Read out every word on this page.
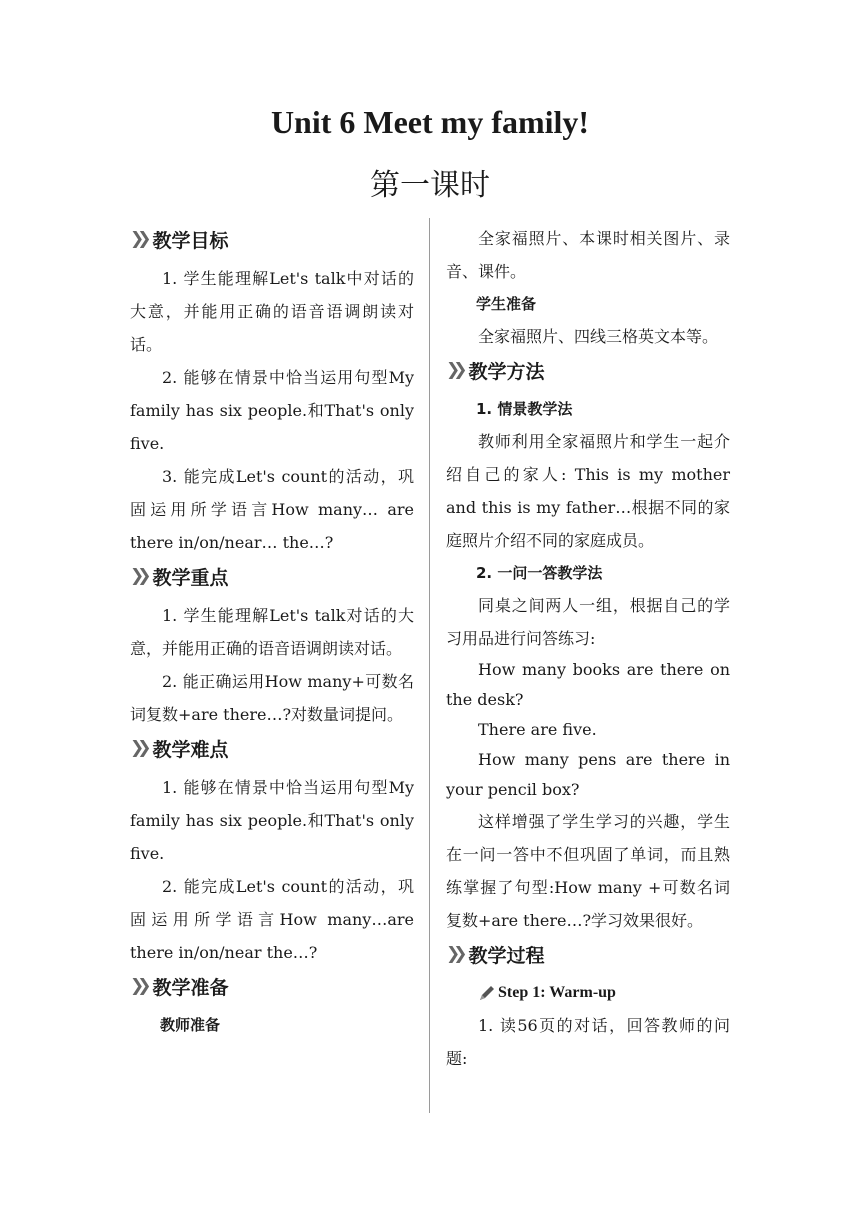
Unit 6 Meet my family!
第一课时
❯❯ 教学目标

1. 学生能理解Let's talk中对话的大意，并能用正确的语音语调朗读对话。

2. 能够在情景中恰当运用句型My family has six people.和That's only five.

3. 能完成Let's count的活动，巩固运用所学语言How many… are there in/on/near… the…?

❯❯ 教学重点

1. 学生能理解Let's talk对话的大意，并能用正确的语音语调朗读对话。

2. 能正确运用How many+可数名词复数+are there…?对数量词提问。

❯❯ 教学难点

1. 能够在情景中恰当运用句型My family has six people.和That's only five.

2. 能完成Let's count的活动，巩固运用所学语言How many…are there in/on/near the…?

❯❯ 教学准备

教师准备

全家福照片、本课时相关图片、录音、课件。

学生准备

全家福照片、四线三格英文本等。

❯❯ 教学方法

1. 情景教学法

教师利用全家福照片和学生一起介绍自己的家人: This is my mother and this is my father…根据不同的家庭照片介绍不同的家庭成员。

2. 一问一答教学法

同桌之间两人一组，根据自己的学习用品进行问答练习:

How many books are there on the desk?

There are five.

How many pens are there in your pencil box?

这样增强了学生学习的兴趣，学生在一问一答中不但巩固了单词，而且熟练掌握了句型:How many +可数名词复数+are there…?学习效果很好。

❯❯ 教学过程

Step 1: Warm-up

1. 读56页的对话，回答教师的问题:
